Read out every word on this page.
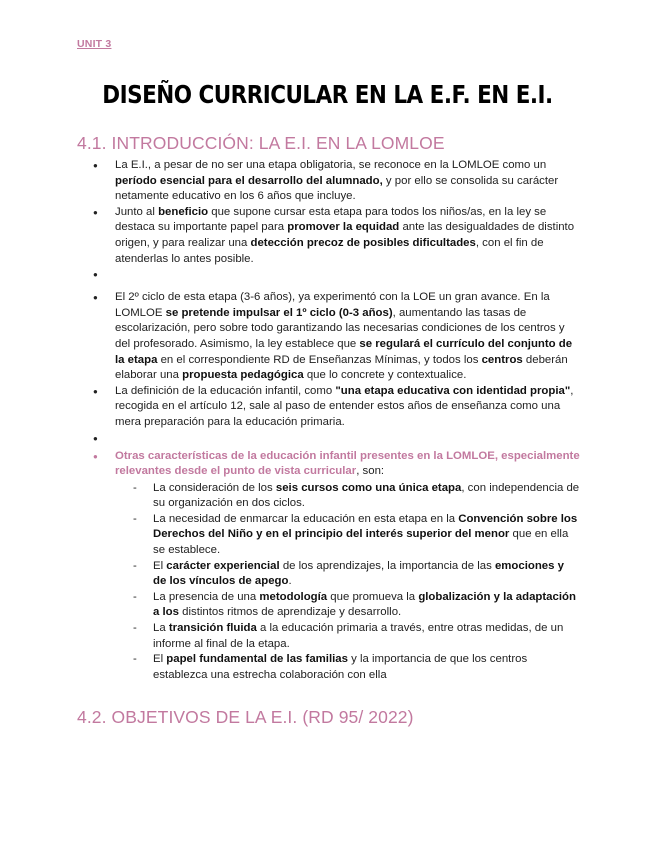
UNIT 3
DISEÑO CURRICULAR EN LA E.F. EN E.I.
4.1. INTRODUCCIÓN: LA E.I. EN LA LOMLOE
● La E.I., a pesar de no ser una etapa obligatoria, se reconoce en la LOMLOE como un período esencial para el desarrollo del alumnado, y por ello se consolida su carácter netamente educativo en los 6 años que incluye.
● Junto al beneficio que supone cursar esta etapa para todos los niños/as, en la ley se destaca su importante papel para promover la equidad ante las desigualdades de distinto origen, y para realizar una detección precoz de posibles dificultades, con el fin de atenderlas lo antes posible.
●
● El 2º ciclo de esta etapa (3-6 años), ya experimentó con la LOE un gran avance. En la LOMLOE se pretende impulsar el 1º ciclo (0-3 años), aumentando las tasas de escolarización, pero sobre todo garantizando las necesarias condiciones de los centros y del profesorado. Asimismo, la ley establece que se regulará el currículo del conjunto de la etapa en el correspondiente RD de Enseñanzas Mínimas, y todos los centros deberán elaborar una propuesta pedagógica que lo concrete y contextualice.
● La definición de la educación infantil, como "una etapa educativa con identidad propia", recogida en el artículo 12, sale al paso de entender estos años de enseñanza como una mera preparación para la educación primaria.
●
● Otras características de la educación infantil presentes en la LOMLOE, especialmente relevantes desde el punto de vista curricular, son:
- La consideración de los seis cursos como una única etapa, con independencia de su organización en dos ciclos.
- La necesidad de enmarcar la educación en esta etapa en la Convención sobre los Derechos del Niño y en el principio del interés superior del menor que en ella se establece.
- El carácter experiencial de los aprendizajes, la importancia de las emociones y de los vínculos de apego.
- La presencia de una metodología que promueva la globalización y la adaptación a los distintos ritmos de aprendizaje y desarrollo.
- La transición fluida a la educación primaria a través, entre otras medidas, de un informe al final de la etapa.
- El papel fundamental de las familias y la importancia de que los centros establezca una estrecha colaboración con ella
4.2. OBJETIVOS DE LA E.I. (RD 95/ 2022)
